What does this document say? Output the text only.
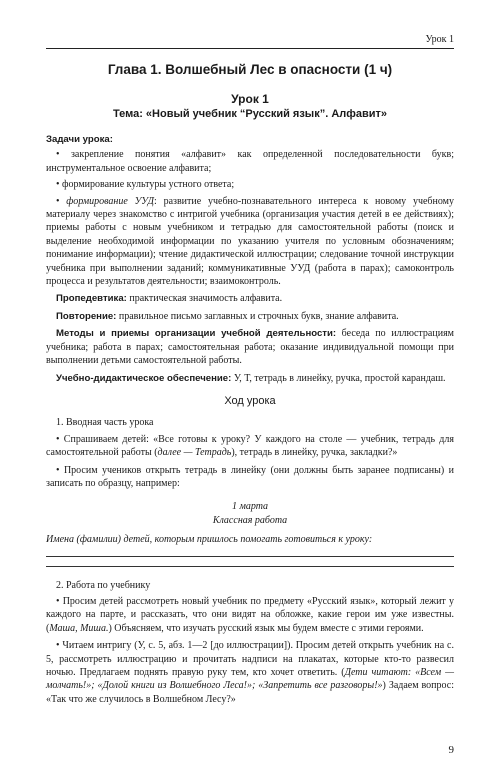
Урок 1
Глава 1. Волшебный Лес в опасности (1 ч)
Урок 1
Тема: «Новый учебник “Русский язык”. Алфавит»
Задачи урока:
• закрепление понятия «алфавит» как определенной последовательности букв; инструментальное освоение алфавита;
• формирование культуры устного ответа;
• формирование УУД: развитие учебно-познавательного интереса к новому учебному материалу через знакомство с интригой учебника (организация участия детей в ее действиях); приемы работы с новым учебником и тетрадью для самостоятельной работы (поиск и выделение необходимой информации по указанию учителя по условным обозначениям; понимание информации); чтение дидактической иллюстрации; следование точной инструкции учебника при выполнении заданий; коммуникативные УУД (работа в парах); самоконтроль процесса и результатов деятельности; взаимоконтроль.

Пропедевтика: практическая значимость алфавита.

Повторение: правильное письмо заглавных и строчных букв, знание алфавита.

Методы и приемы организации учебной деятельности: беседа по иллюстрациям учебника; работа в парах; самостоятельная работа; оказание индивидуальной помощи при выполнении детьми самостоятельной работы.

Учебно-дидактическое обеспечение: У, Т, тетрадь в линейку, ручка, простой карандаш.

Ход урока
1. Вводная часть урока

• Спрашиваем детей: «Все готовы к уроку? У каждого на столе — учебник, тетрадь для самостоятельной работы (далее — Тетрадь), тетрадь в линейку, ручка, закладки?»

• Просим учеников открыть тетрадь в линейку (они должны быть заранее подписаны) и записать по образцу, например:

1 марта
Классная работа
Имена (фамилии) детей, которым пришлось помогать готовиться к уроку:
2. Работа по учебнику

• Просим детей рассмотреть новый учебник по предмету «Русский язык», который лежит у каждого на парте, и рассказать, что они видят на обложке, какие герои им уже известны. (Маша, Миша.) Объясняем, что изучать русский язык мы будем вместе с этими героями.

• Читаем интригу (У, с. 5, абз. 1—2 [до иллюстрации]). Просим детей открыть учебник на с. 5, рассмотреть иллюстрацию и прочитать надписи на плакатах, которые кто-то развесил ночью. Предлагаем поднять правую руку тем, кто хочет ответить. (Дети читают: «Всем — молчать!»; «Долой книги из Волшебного Леса!»; «Запретить все разговоры!») Задаем вопрос: «Так что же случилось в Волшебном Лесу?»

9
